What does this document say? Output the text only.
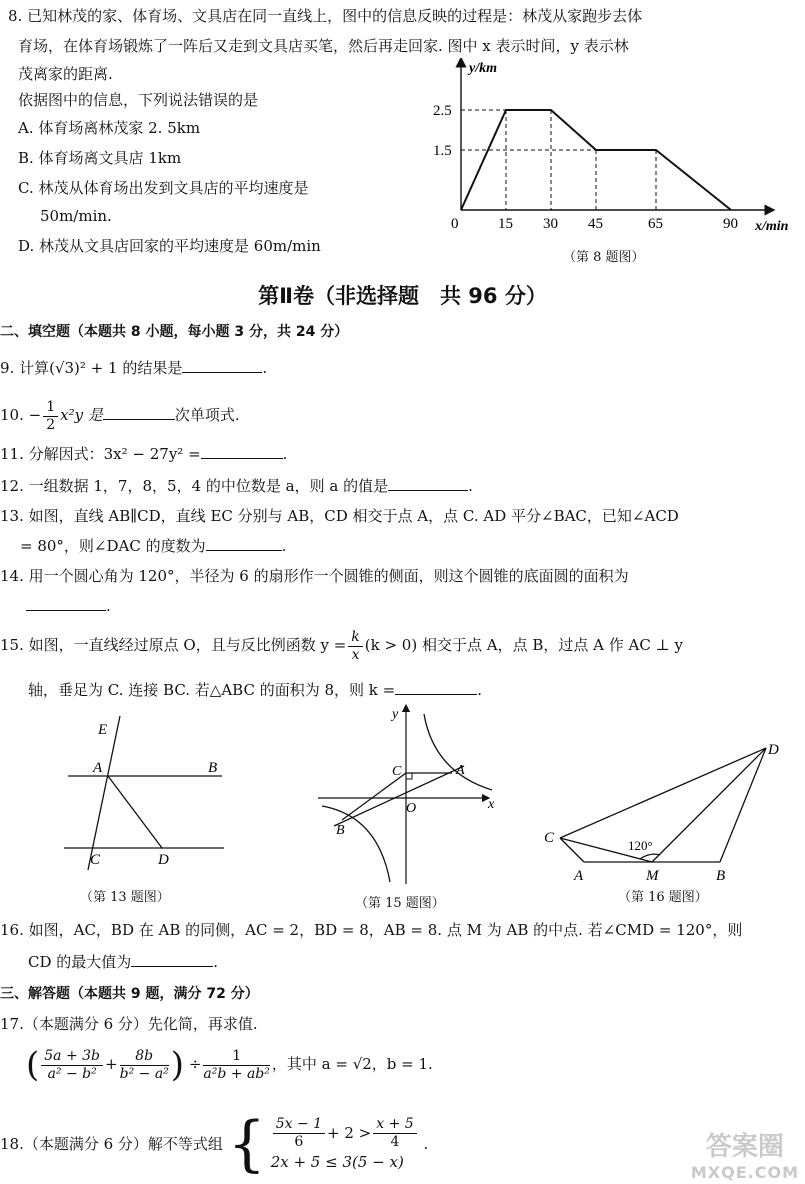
8. 已知林茂的家、体育场、文具店在同一直线上，图中的信息反映的过程是：林茂从家跑步去体
育场，在体育场锻炼了一阵后又走到文具店买笔，然后再走回家. 图中 x 表示时间，y 表示林
茂离家的距离.
依据图中的信息，下列说法错误的是
A. 体育场离林茂家 2. 5km
B. 体育场离文具店 1km
C. 林茂从体育场出发到文具店的平均速度是
50m/min.
D. 林茂从文具店回家的平均速度是 60m/min
0	15 30 45	65	90
1.5
2.5
y/km
x/min
（第 8 题图）
第Ⅱ卷（非选择题　共 96 分）
二、填空题（本题共 8 小题，每小题 3 分，共 24 分）
9. 计算(√3)² + 1 的结果是	.
10. − $\frac{1}{2} x^2y$ 是	次单项式.
11. 分解因式：3x² − 27y² =	.
12. 一组数据 1，7，8，5，4 的中位数是 a，则 a 的值是	.
13. 如图，直线 AB∥CD，直线 EC 分别与 AB，CD 相交于点 A，点 C. AD 平分∠BAC，已知∠ACD
= 80°，则∠DAC 的度数为	.
14. 用一个圆心角为 120°，半径为 6 的扇形作一个圆锥的侧面，则这个圆锥的底面圆的面积为
.
15. 如图，一直线经过原点 O，且与反比例函数 $y = \frac{k}{x} (k > 0)$ 相交于点 A，点 B，过点 A 作 AC ⊥ y
轴，垂足为 C. 连接 BC. 若△ABC 的面积为 8，则 k =	.
E
A	B
C	D
（第 13 题图）
y
x
C	A
O
B
（第 15 题图）
C
A	M	B
D
120°
（第 16 题图）
16. 如图，AC，BD 在 AB 的同侧，AC = 2，BD = 8，AB = 8. 点 M 为 AB 的中点. 若∠CMD = 120°，则
CD 的最大值为	.
三、解答题（本题共 9 题，满分 72 分）
17.（本题满分 6 分）先化简，再求值.
( $\frac{5a + 3b}{\text{a² − b²}} + \frac{8b}{\text{b² − a²}}$ ) ÷ $\frac{1}{\text{a²b + ab²}}$ ，其中 a = √2，b = 1.
18.（本题满分 6 分）解不等式组 { $\frac{5x - 1}{6} + 2 > \frac{x + 5}{4}$
2x + 5 ≤ 3(5 − x)
.	答案圈
MXQE.COM
